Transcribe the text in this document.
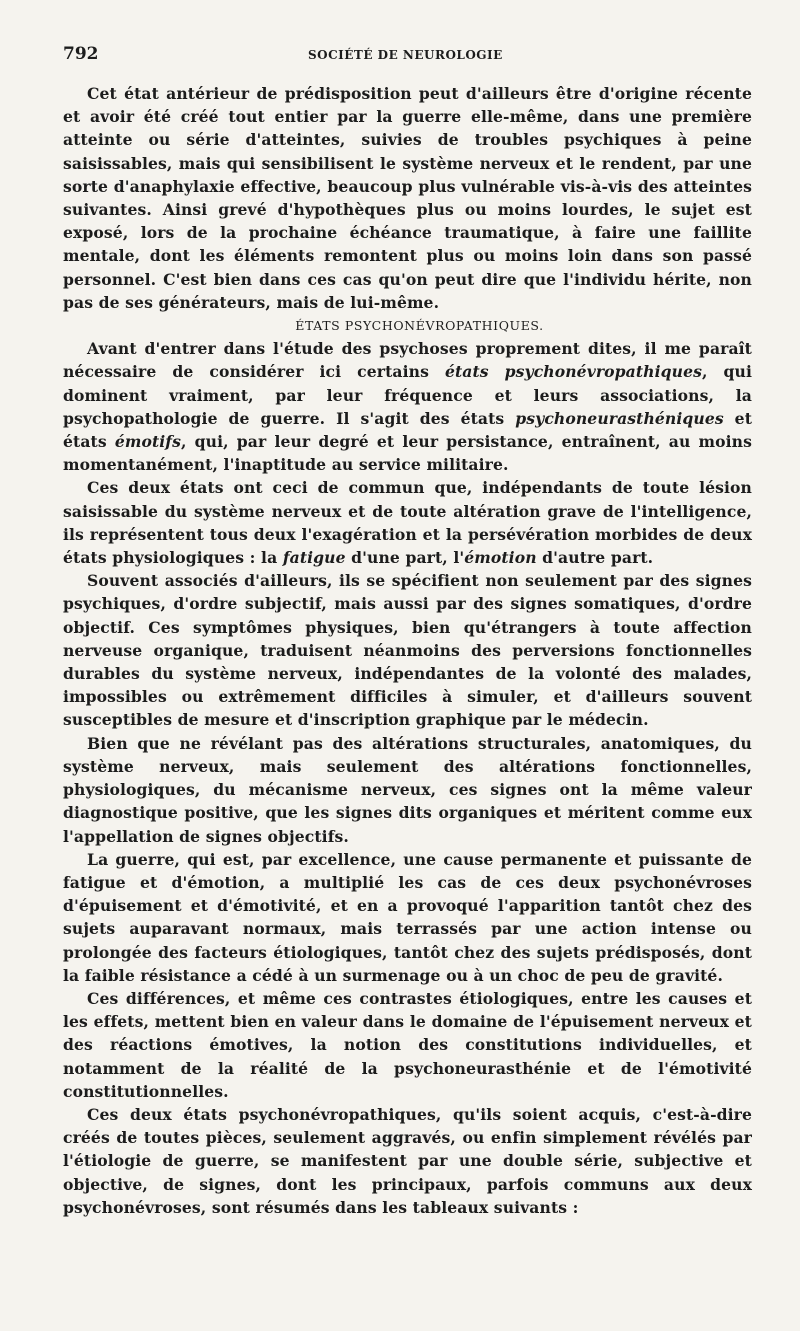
792	SOCIÉTÉ DE NEUROLOGIE

Cet état antérieur de prédisposition peut d'ailleurs être d'origine récente et avoir été créé tout entier par la guerre elle-même, dans une première atteinte ou série d'atteintes, suivies de troubles psychiques à peine saisissables, mais qui sensibilisent le système nerveux et le rendent, par une sorte d'anaphylaxie effective, beaucoup plus vulnérable vis-à-vis des atteintes suivantes. Ainsi grevé d'hypothèques plus ou moins lourdes, le sujet est exposé, lors de la prochaine échéance traumatique, à faire une faillite mentale, dont les éléments remontent plus ou moins loin dans son passé personnel. C'est bien dans ces cas qu'on peut dire que l'individu hérite, non pas de ses générateurs, mais de lui-même.

ÉTATS PSYCHONÉVROPATHIQUES.

Avant d'entrer dans l'étude des psychoses proprement dites, il me paraît nécessaire de considérer ici certains états psychonévropathiques, qui dominent vraiment, par leur fréquence et leurs associations, la psychopathologie de guerre. Il s'agit des états psychoneurasthéniques et états émotifs, qui, par leur degré et leur persistance, entraînent, au moins momentanément, l'inaptitude au service militaire.

Ces deux états ont ceci de commun que, indépendants de toute lésion saisissable du système nerveux et de toute altération grave de l'intelligence, ils représentent tous deux l'exagération et la persévération morbides de deux états physiologiques : la fatigue d'une part, l'émotion d'autre part.

Souvent associés d'ailleurs, ils se spécifient non seulement par des signes psychiques, d'ordre subjectif, mais aussi par des signes somatiques, d'ordre objectif. Ces symptômes physiques, bien qu'étrangers à toute affection nerveuse organique, traduisent néanmoins des perversions fonctionnelles durables du système nerveux, indépendantes de la volonté des malades, impossibles ou extrêmement difficiles à simuler, et d'ailleurs souvent susceptibles de mesure et d'inscription graphique par le médecin.

Bien que ne révélant pas des altérations structurales, anatomiques, du système nerveux, mais seulement des altérations fonctionnelles, physiologiques, du mécanisme nerveux, ces signes ont la même valeur diagnostique positive, que les signes dits organiques et méritent comme eux l'appellation de signes objectifs.

La guerre, qui est, par excellence, une cause permanente et puissante de fatigue et d'émotion, a multiplié les cas de ces deux psychonévroses d'épuisement et d'émotivité, et en a provoqué l'apparition tantôt chez des sujets auparavant normaux, mais terrassés par une action intense ou prolongée des facteurs étiologiques, tantôt chez des sujets prédisposés, dont la faible résistance a cédé à un surmenage ou à un choc de peu de gravité.

Ces différences, et même ces contrastes étiologiques, entre les causes et les effets, mettent bien en valeur dans le domaine de l'épuisement nerveux et des réactions émotives, la notion des constitutions individuelles, et notamment de la réalité de la psychoneurasthénie et de l'émotivité constitutionnelles.

Ces deux états psychonévropathiques, qu'ils soient acquis, c'est-à-dire créés de toutes pièces, seulement aggravés, ou enfin simplement révélés par l'étiologie de guerre, se manifestent par une double série, subjective et objective, de signes, dont les principaux, parfois communs aux deux psychonévroses, sont résumés dans les tableaux suivants :
